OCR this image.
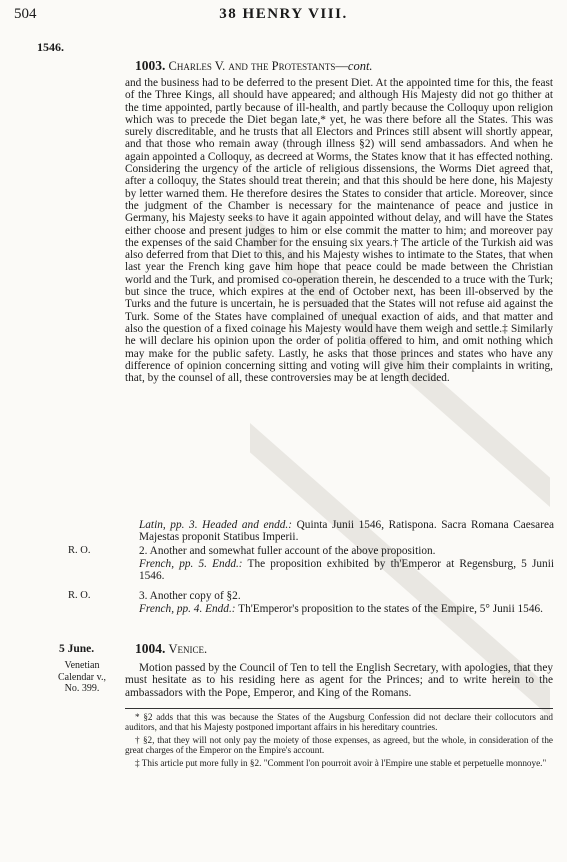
504	38 HENRY VIII.
1546.
1003. Charles V. and the Protestants—cont.

and the business had to be deferred to the present Diet. At the appointed time for this, the feast of the Three Kings, all should have appeared; and although His Majesty did not go thither at the time appointed, partly because of ill-health, and partly because the Colloquy upon religion which was to precede the Diet began late,* yet, he was there before all the States. This was surely discreditable, and he trusts that all Electors and Princes still absent will shortly appear, and that those who remain away (through illness §2) will send ambassadors. And when he again appointed a Colloquy, as decreed at Worms, the States know that it has effected nothing. Considering the urgency of the article of religious dissensions, the Worms Diet agreed that, after a colloquy, the States should treat therein; and that this should be here done, his Majesty by letter warned them. He therefore desires the States to consider that article. Moreover, since the judgment of the Chamber is necessary for the maintenance of peace and justice in Germany, his Majesty seeks to have it again appointed without delay, and will have the States either choose and present judges to him or else commit the matter to him; and moreover pay the expenses of the said Chamber for the ensuing six years.† The article of the Turkish aid was also deferred from that Diet to this, and his Majesty wishes to intimate to the States, that when last year the French king gave him hope that peace could be made between the Christian world and the Turk, and promised co-operation therein, he descended to a truce with the Turk; but since the truce, which expires at the end of October next, has been ill-observed by the Turks and the future is uncertain, he is persuaded that the States will not refuse aid against the Turk. Some of the States have complained of unequal exaction of aids, and that matter and also the question of a fixed coinage his Majesty would have them weigh and settle.‡ Similarly he will declare his opinion upon the order of politia offered to him, and omit nothing which may make for the public safety. Lastly, he asks that those princes and states who have any difference of opinion concerning sitting and voting will give him their complaints in writing, that, by the counsel of all, these controversies may be at length decided.

Latin, pp. 3. Headed and endd.: Quinta Junii 1546, Ratispona. Sacra Romana Caesarea Majestas proponit Statibus Imperii.

R. O.	2. Another and somewhat fuller account of the above proposition.

French, pp. 5. Endd.: The proposition exhibited by th'Emperor at Regensburg, 5 Junii 1546.

R. O.	3. Another copy of §2.

French, pp. 4. Endd.: Th'Emperor's proposition to the states of the Empire, 5° Junii 1546.

5 June.
Venetian Calendar v., No. 399.
1004. Venice.

Motion passed by the Council of Ten to tell the English Secretary, with apologies, that they must hesitate as to his residing here as agent for the Princes; and to write herein to the ambassadors with the Pope, Emperor, and King of the Romans.

* §2 adds that this was because the States of the Augsburg Confession did not declare their collocutors and auditors, and that his Majesty postponed important affairs in his hereditary countries.

† §2, that they will not only pay the moiety of those expenses, as agreed, but the whole, in consideration of the great charges of the Emperor on the Empire's account.

‡ This article put more fully in §2. "Comment l'on pourroit avoir à l'Empire une stable et perpetuelle monnoye."
